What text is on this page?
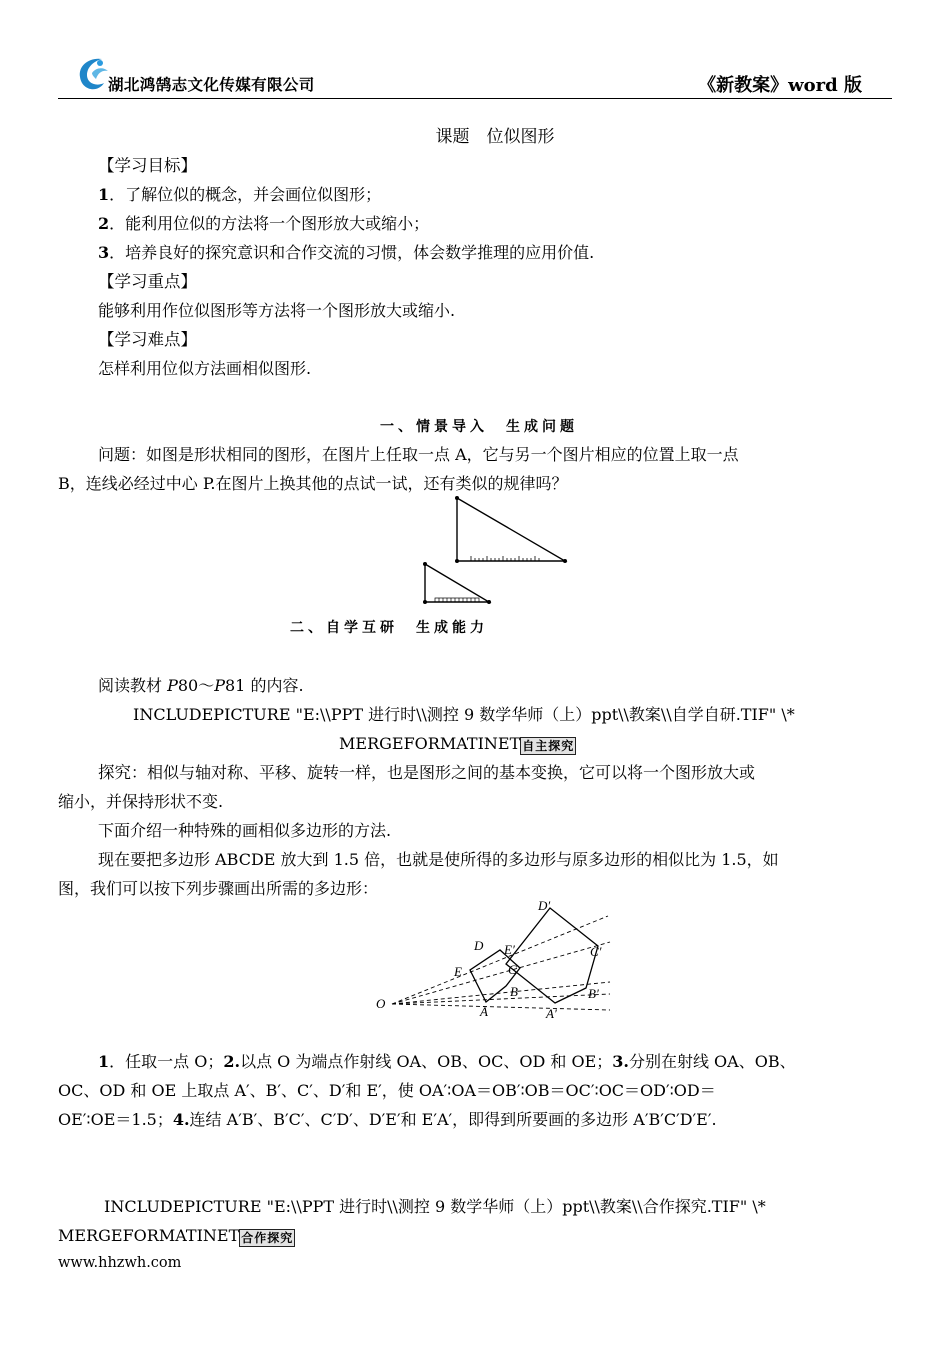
湖北鸿鹄志文化传媒有限公司	《新教案》word 版
课题　位似图形
【学习目标】
1．了解位似的概念，并会画位似图形；
2．能利用位似的方法将一个图形放大或缩小；
3．培养良好的探究意识和合作交流的习惯，体会数学推理的应用价值.
【学习重点】
能够利用作位似图形等方法将一个图形放大或缩小.
【学习难点】
怎样利用位似方法画相似图形.
一、情景导入　生成问题
问题：如图是形状相同的图形，在图片上任取一点 A，它与另一个图片相应的位置上取一点
B，连线必经过中心 P.在图片上换其他的点试一试，还有类似的规律吗？
二、自学互研　生成能力
阅读教材 P80～P81 的内容.
INCLUDEPICTURE "E:\\PPT 进行时\\测控 9 数学华师（上）ppt\\教案\\自学自研.TIF" \*
MERGEFORMATINET 自主探究
探究：相似与轴对称、平移、旋转一样，也是图形之间的基本变换，它可以将一个图形放大或
缩小，并保持形状不变.
下面介绍一种特殊的画相似多边形的方法.
现在要把多边形 ABCDE 放大到 1.5 倍，也就是使所得的多边形与原多边形的相似比为 1.5，如
图，我们可以按下列步骤画出所需的多边形：
O
A
B
C
D
E
A′
B′
C′
D′
E′
1．任取一点 O；2.以点 O 为端点作射线 OA、OB、OC、OD 和 OE；3.分别在射线 OA、OB、
OC、OD 和 OE 上取点 A′、B′、C′、D′和 E′，使 OA′∶OA＝OB′∶OB＝OC′∶OC＝OD′∶OD＝
OE′∶OE＝1.5；4.连结 A′B′、B′C′、C′D′、D′E′和 E′A′，即得到所要画的多边形 A′B′C′D′E′.
INCLUDEPICTURE "E:\\PPT 进行时\\测控 9 数学华师（上）ppt\\教案\\合作探究.TIF" \*
MERGEFORMATINET 合作探究
www.hhzwh.com
